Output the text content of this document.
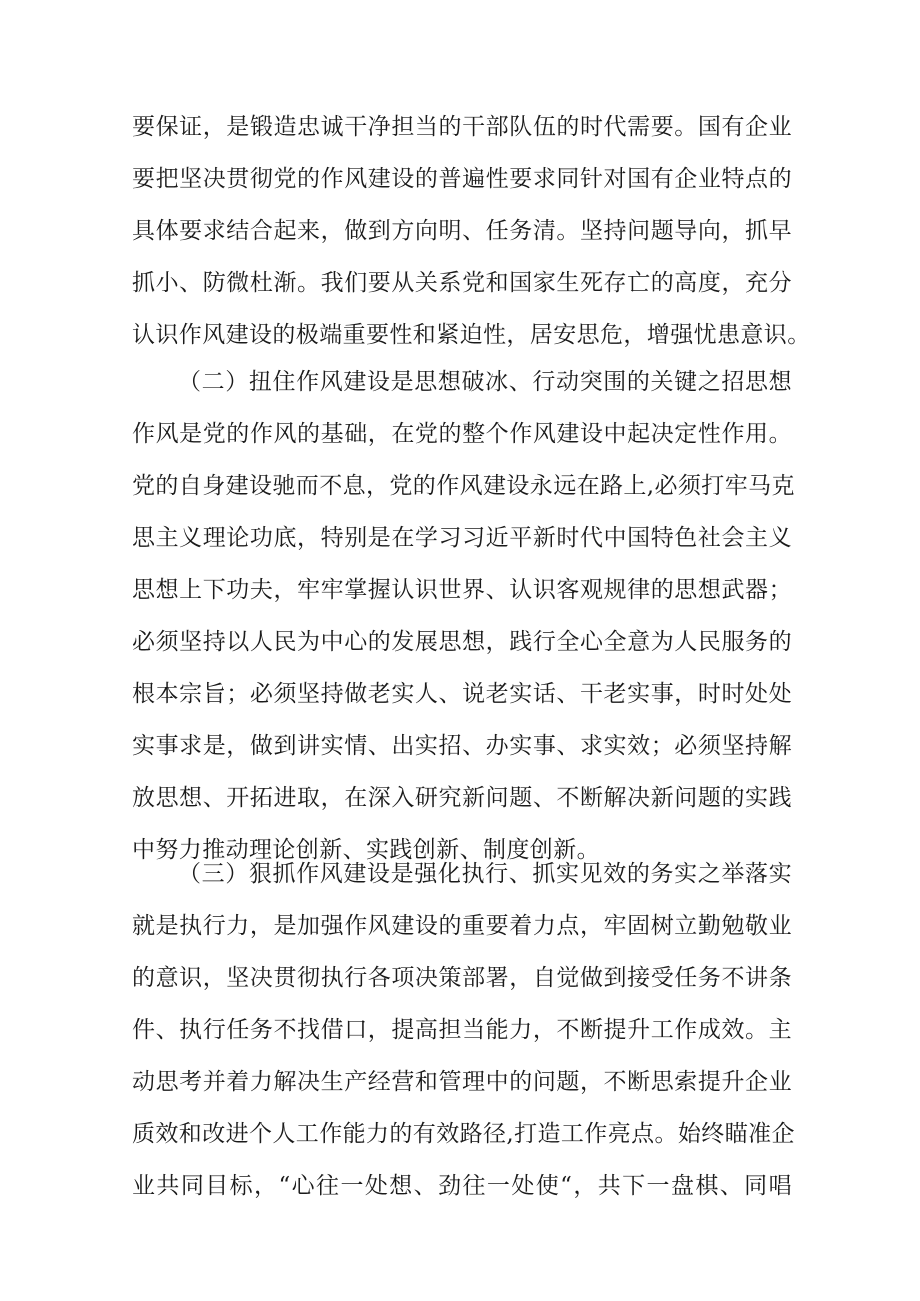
要保证，是锻造忠诚干净担当的干部队伍的时代需要。国有企业
要把坚决贯彻党的作风建设的普遍性要求同针对国有企业特点的
具体要求结合起来，做到方向明、任务清。坚持问题导向，抓早
抓小、防微杜渐。我们要从关系党和国家生死存亡的高度，充分
认识作风建设的极端重要性和紧迫性，居安思危，增强忧患意识。
（二）扭住作风建设是思想破冰、行动突围的关键之招思想
作风是党的作风的基础，在党的整个作风建设中起决定性作用。
党的自身建设驰而不息，党的作风建设永远在路上,必须打牢马克
思主义理论功底，特别是在学习习近平新时代中国特色社会主义
思想上下功夫，牢牢掌握认识世界、认识客观规律的思想武器；
必须坚持以人民为中心的发展思想，践行全心全意为人民服务的
根本宗旨；必须坚持做老实人、说老实话、干老实事，时时处处
实事求是，做到讲实情、出实招、办实事、求实效；必须坚持解
放思想、开拓进取，在深入研究新问题、不断解决新问题的实践
中努力推动理论创新、实践创新、制度创新。
（三）狠抓作风建设是强化执行、抓实见效的务实之举落实
就是执行力，是加强作风建设的重要着力点，牢固树立勤勉敬业
的意识，坚决贯彻执行各项决策部署，自觉做到接受任务不讲条
件、执行任务不找借口，提高担当能力，不断提升工作成效。主
动思考并着力解决生产经营和管理中的问题，不断思索提升企业
质效和改进个人工作能力的有效路径,打造工作亮点。始终瞄准企
业共同目标，“心往一处想、劲往一处使“，共下一盘棋、同唱
